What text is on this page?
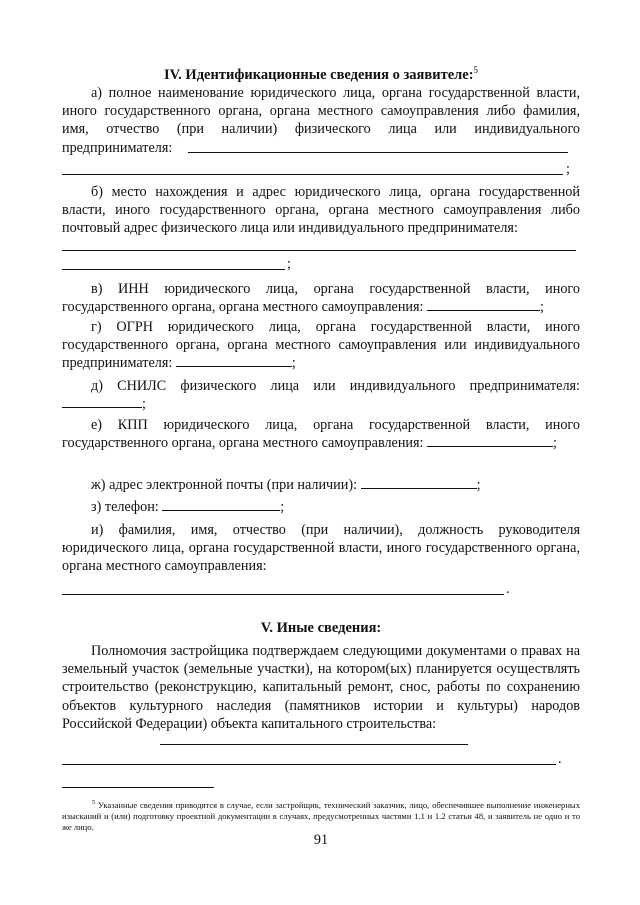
IV. Идентификационные сведения о заявителе:$^5$

а) полное наименование юридического лица, органа государственной власти, иного государственного органа, органа местного самоуправления либо фамилия, имя, отчество (при наличии) физического лица или индивидуального предпринимателя:

;

б) место нахождения и адрес юридического лица, органа государственной власти, иного государственного органа, органа местного самоуправления либо почтовый адрес физического лица или индивидуального предпринимателя:

;

в) ИНН юридического лица, органа государственной власти, иного государственного органа, органа местного самоуправления:	;

г) ОГРН юридического лица, органа государственной власти, иного государственного органа, органа местного самоуправления или индивидуального предпринимателя:	;

д) СНИЛС физического лица или индивидуального предпринимателя: ;

е) КПП юридического лица, органа государственной власти, иного государственного органа, органа местного самоуправления:	;

ж) адрес электронной почты (при наличии):	;

з) телефон:	;

и) фамилия, имя, отчество (при наличии), должность руководителя юридического лица, органа государственной власти, иного государственного органа, органа местного самоуправления:

.
V. Иные сведения:

Полномочия застройщика подтверждаем следующими документами о правах на земельный участок (земельные участки), на котором(ых) планируется осуществлять строительство (реконструкцию, капитальный ремонт, снос, работы по сохранению объектов культурного наследия (памятников истории и культуры) народов Российской Федерации) объекта капитального строительства:

.

$^5$ Указанные сведения приводятся в случае, если застройщик, технический заказчик, лицо, обеспечившее выполнение инженерных изысканий и (или) подготовку проектной документации в случаях, предусмотренных частями 1.1 и 1.2 статьи 48, и заявитель не одно и то же лицо.

91
